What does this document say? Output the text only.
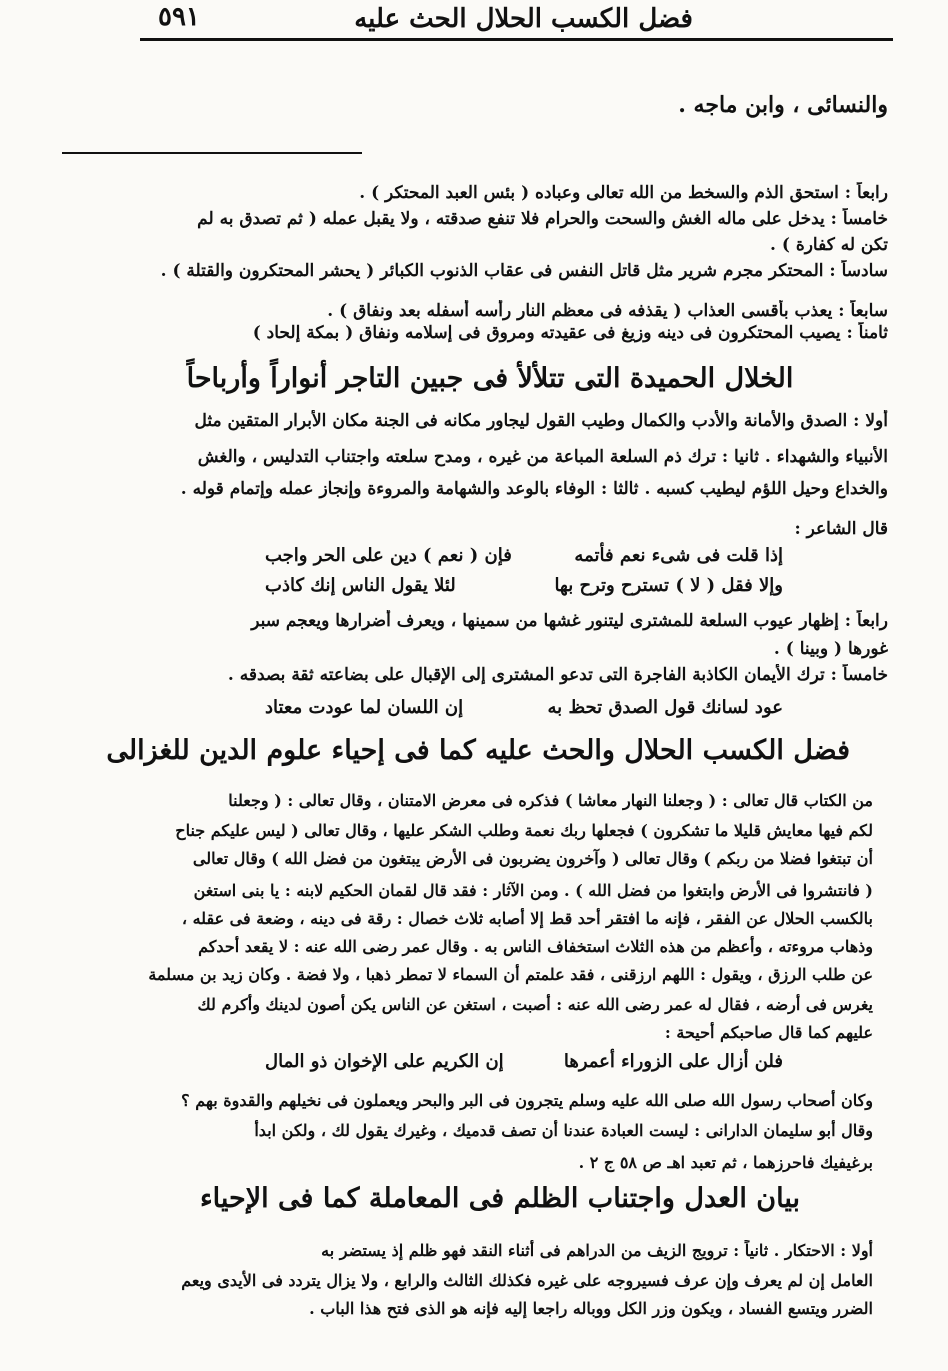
فضل الكسب الحلال الحث عليه
٥٩١
والنسائى ، وابن ماجه .
رابعاً : استحق الذم والسخط من الله تعالى وعباده ( بئس العبد المحتكر ) .
خامساً : يدخل على ماله الغش والسحت والحرام فلا تنفع صدقته ، ولا يقبل عمله ( ثم تصدق به لم
تكن له كفارة ) .
سادساً : المحتكر مجرم شرير مثل قاتل النفس فى عقاب الذنوب الكبائر ( يحشر المحتكرون والقتلة ) .
سابعاً : يعذب بأقسى العذاب ( يقذفه فى معظم النار رأسه أسفله بعد ونفاق ) .
ثامناً : يصيب المحتكرون فى دينه وزيغ فى عقيدته ومروق فى إسلامه ونفاق ( بمكة إلحاد )
الخلال الحميدة التى تتلألأ فى جبين التاجر أنواراً وأرباحاً
أولا : الصدق والأمانة والأدب والكمال وطيب القول ليجاور مكانه فى الجنة مكان الأبرار المتقين مثل
الأنبياء والشهداء . ثانيا : ترك ذم السلعة المباعة من غيره ، ومدح سلعته واجتناب التدليس ، والغش
والخداع وحيل اللؤم ليطيب كسبه . ثالثا : الوفاء بالوعد والشهامة والمروءة وإنجاز عمله وإتمام قوله .
قال الشاعر :
إذا قلت فى شىء نعم فأتمه
فإن ( نعم ) دين على الحر واجب
وإلا فقل ( لا ) تسترح وترح بها
لئلا يقول الناس إنك كاذب
رابعاً : إظهار عيوب السلعة للمشترى ليتنور غشها من سمينها ، ويعرف أضرارها ويعجم سبر
غورها ( وبينا ) .
خامساً : ترك الأيمان الكاذبة الفاجرة التى تدعو المشترى إلى الإقبال على بضاعته ثقة بصدقه .
عود لسانك قول الصدق تحظ به
إن اللسان لما عودت معتاد
فضل الكسب الحلال والحث عليه كما فى إحياء علوم الدين للغزالى
من الكتاب قال تعالى : ( وجعلنا النهار معاشا ) فذكره فى معرض الامتنان ، وقال تعالى : ( وجعلنا
لكم فيها معايش قليلا ما تشكرون ) فجعلها ربك نعمة وطلب الشكر عليها ، وقال تعالى ( ليس عليكم جناح
أن تبتغوا فضلا من ربكم ) وقال تعالى ( وآخرون يضربون فى الأرض يبتغون من فضل الله ) وقال تعالى
( فانتشروا فى الأرض وابتغوا من فضل الله ) . ومن الآثار : فقد قال لقمان الحكيم لابنه : يا بنى استغن
بالكسب الحلال عن الفقر ، فإنه ما افتقر أحد قط إلا أصابه ثلاث خصال : رقة فى دينه ، وضعة فى عقله ،
وذهاب مروءته ، وأعظم من هذه الثلاث استخفاف الناس به . وقال عمر رضى الله عنه : لا يقعد أحدكم
عن طلب الرزق ، ويقول : اللهم ارزقنى ، فقد علمتم أن السماء لا تمطر ذهبا ، ولا فضة . وكان زيد بن مسلمة
يغرس فى أرضه ، فقال له عمر رضى الله عنه : أصبت ، استغن عن الناس يكن أصون لدينك وأكرم لك
عليهم كما قال صاحبكم أحيحة :
فلن أزال على الزوراء أعمرها
إن الكريم على الإخوان ذو المال
وكان أصحاب رسول الله صلى الله عليه وسلم يتجرون فى البر والبحر ويعملون فى نخيلهم والقدوة بهم ؟
وقال أبو سليمان الدارانى : ليست العبادة عندنا أن تصف قدميك ، وغيرك يقول لك ، ولكن ابدأ
برغيفيك فاحرزهما ، ثم تعبد اهـ ص ٥٨ ج ٢ .
بيان العدل واجتناب الظلم فى المعاملة كما فى الإحياء
أولا : الاحتكار . ثانياً : ترويج الزيف من الدراهم فى أثناء النقد فهو ظلم إذ يستضر به
العامل إن لم يعرف وإن عرف فسيروجه على غيره فكذلك الثالث والرابع ، ولا يزال يتردد فى الأيدى ويعم
الضرر ويتسع الفساد ، ويكون وزر الكل ووباله راجعا إليه فإنه هو الذى فتح هذا الباب .
